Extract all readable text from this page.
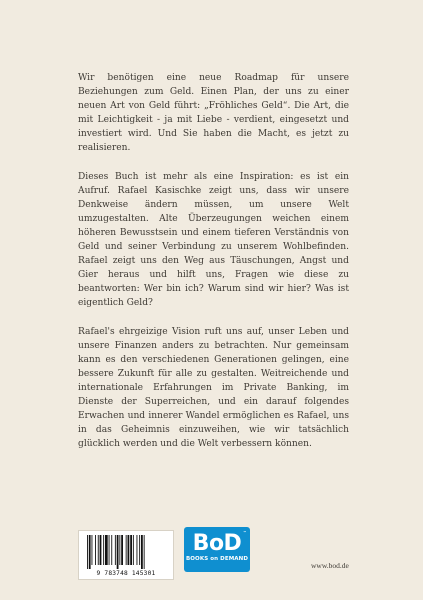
Wir benötigen eine neue Roadmap für unsere Beziehungen zum Geld. Einen Plan, der uns zu einer neuen Art von Geld führt: „Fröhliches Geld“. Die Art, die mit Leichtigkeit - ja mit Liebe - verdient, eingesetzt und investiert wird. Und Sie haben die Macht, es jetzt zu realisieren.

Dieses Buch ist mehr als eine Inspiration: es ist ein Aufruf. Rafael Kasischke zeigt uns, dass wir unsere Denkweise ändern müssen, um unsere Welt umzugestalten. Alte Überzeugungen weichen einem höheren Bewusstsein und einem tieferen Verständnis von Geld und seiner Verbindung zu unserem Wohlbefinden. Rafael zeigt uns den Weg aus Täuschungen, Angst und Gier heraus und hilft uns, Fragen wie diese zu beantworten: Wer bin ich? Warum sind wir hier? Was ist eigentlich Geld?

Rafael's ehrgeizige Vision ruft uns auf, unser Leben und unsere Finanzen anders zu betrachten. Nur gemeinsam kann es den verschiedenen Generationen gelingen, eine bessere Zukunft für alle zu gestalten. Weitreichende und internationale Erfahrungen im Private Banking, im Dienste der Superreichen, und ein darauf folgendes Erwachen und innerer Wandel ermöglichen es Rafael, uns in das Geheimnis einzuweihen, wie wir tatsächlich glücklich werden und die Welt verbessern können.

9 783748 145301
BoD ™
BOOKS on DEMAND
www.bod.de
